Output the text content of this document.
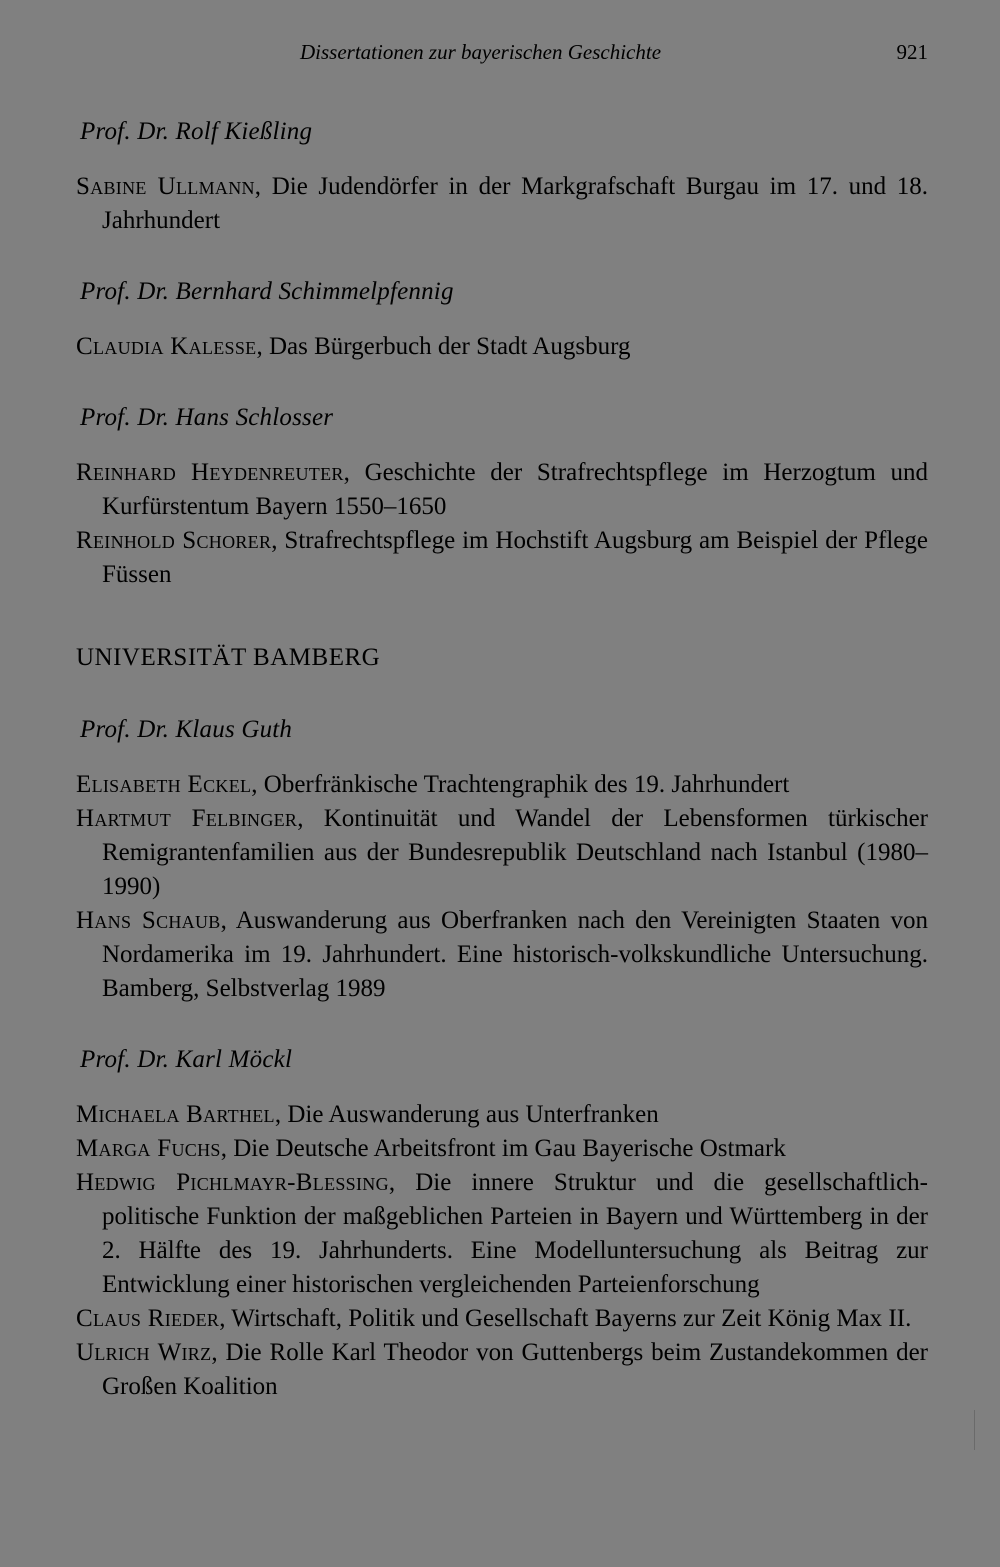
Dissertationen zur bayerischen Geschichte	921
Prof. Dr. Rolf Kießling

Sabine Ullmann, Die Judendörfer in der Markgrafschaft Burgau im 17. und 18. Jahrhundert

Prof. Dr. Bernhard Schimmelpfennig

Claudia Kalesse, Das Bürgerbuch der Stadt Augsburg

Prof. Dr. Hans Schlosser

Reinhard Heydenreuter, Geschichte der Strafrechtspflege im Herzogtum und Kurfürstentum Bayern 1550–1650

Reinhold Schorer, Strafrechtspflege im Hochstift Augsburg am Beispiel der Pflege Füssen

UNIVERSITÄT BAMBERG
Prof. Dr. Klaus Guth

Elisabeth Eckel, Oberfränkische Trachtengraphik des 19. Jahrhundert

Hartmut Felbinger, Kontinuität und Wandel der Lebensformen türkischer Remigrantenfamilien aus der Bundesrepublik Deutschland nach Istanbul (1980–1990)

Hans Schaub, Auswanderung aus Oberfranken nach den Vereinigten Staaten von Nordamerika im 19. Jahrhundert. Eine historisch-volkskundliche Untersuchung. Bamberg, Selbstverlag 1989

Prof. Dr. Karl Möckl

Michaela Barthel, Die Auswanderung aus Unterfranken

Marga Fuchs, Die Deutsche Arbeitsfront im Gau Bayerische Ostmark

Hedwig Pichlmayr-Blessing, Die innere Struktur und die gesellschaftlich-politische Funktion der maßgeblichen Parteien in Bayern und Württemberg in der 2. Hälfte des 19. Jahrhunderts. Eine Modelluntersuchung als Beitrag zur Entwicklung einer historischen vergleichenden Parteienforschung

Claus Rieder, Wirtschaft, Politik und Gesellschaft Bayerns zur Zeit König Max II.

Ulrich Wirz, Die Rolle Karl Theodor von Guttenbergs beim Zustandekommen der Großen Koalition
